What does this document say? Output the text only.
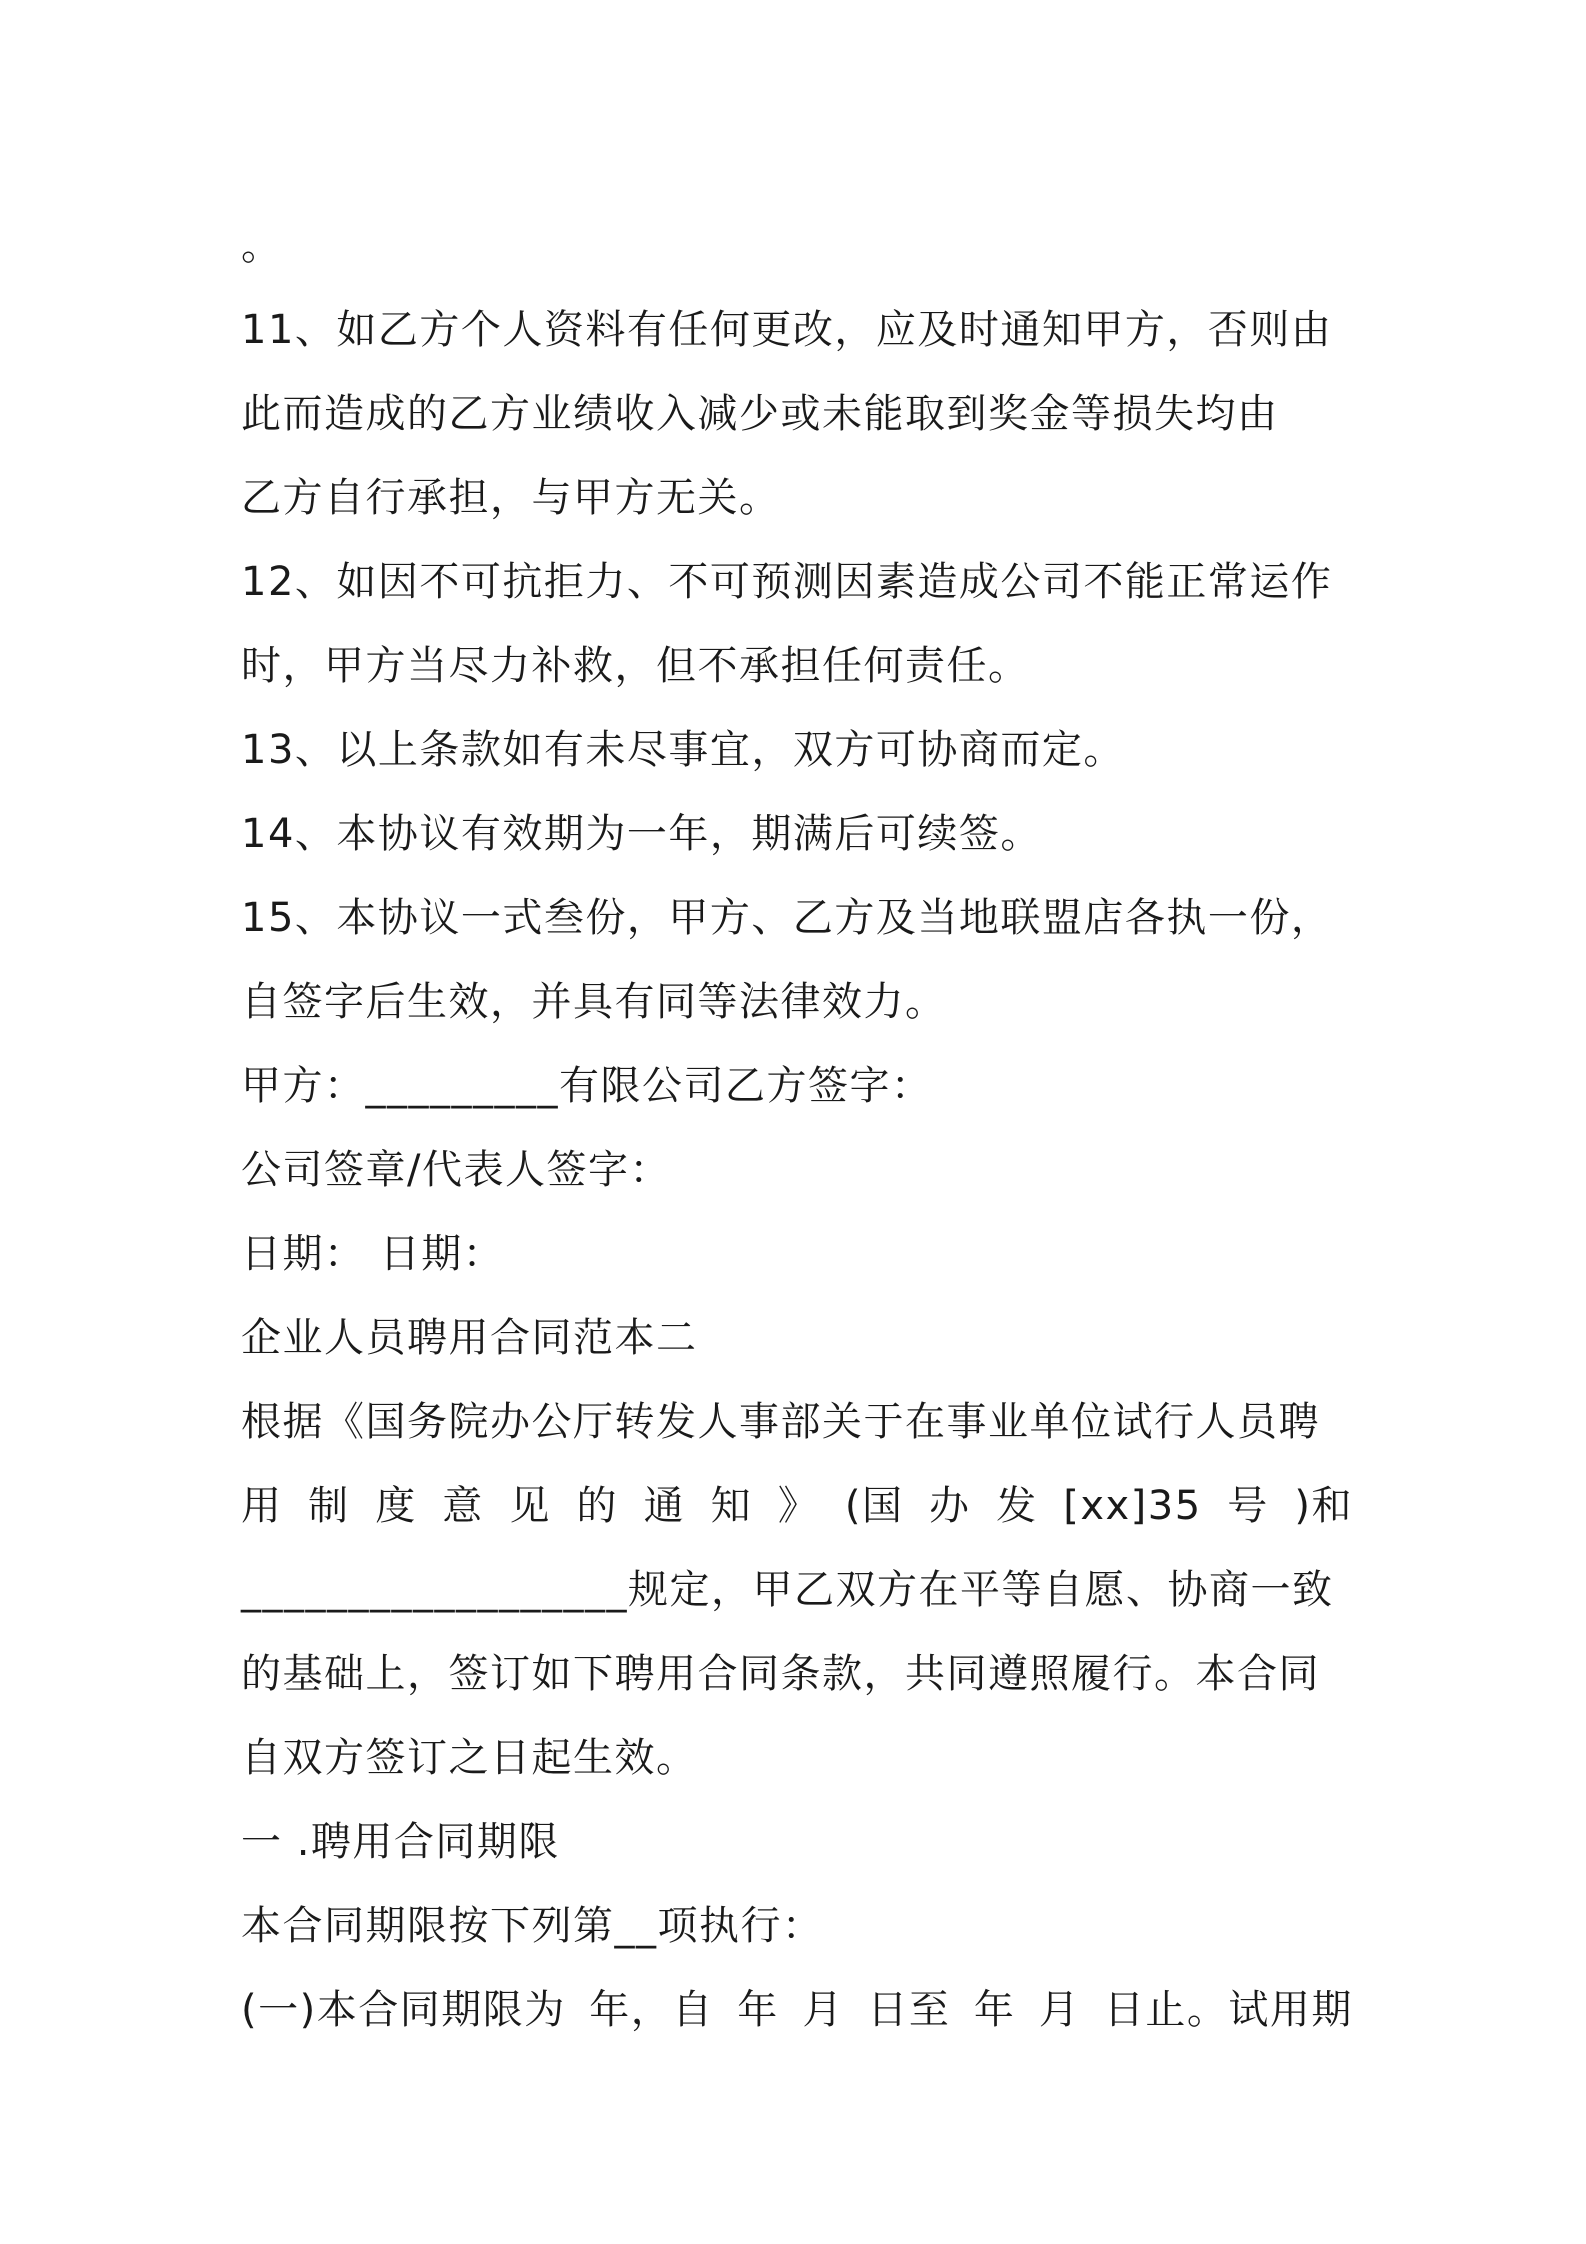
。
11、如乙方个人资料有任何更改，应及时通知甲方，否则由
此而造成的乙方业绩收入减少或未能取到奖金等损失均由
乙方自行承担，与甲方无关。
12、如因不可抗拒力、不可预测因素造成公司不能正常运作
时，甲方当尽力补救，但不承担任何责任。
13、以上条款如有未尽事宜，双方可协商而定。
14、本协议有效期为一年，期满后可续签。
15、本协议一式叁份，甲方、乙方及当地联盟店各执一份，
自签字后生效，并具有同等法律效力。
甲方：_________有限公司乙方签字：
公司签章/代表人签字：
日期： 日期：
企业人员聘用合同范本二
根据《国务院办公厅转发人事部关于在事业单位试行人员聘
用 制 度 意 见 的 通 知 》 (国 办 发 [xx]35 号 )和
__________________规定，甲乙双方在平等自愿、协商一致
的基础上，签订如下聘用合同条款，共同遵照履行。本合同
自双方签订之日起生效。
一 .聘用合同期限
本合同期限按下列第__项执行：
(一)本合同期限为 年，自 年 月 日至 年 月 日止。试用期
